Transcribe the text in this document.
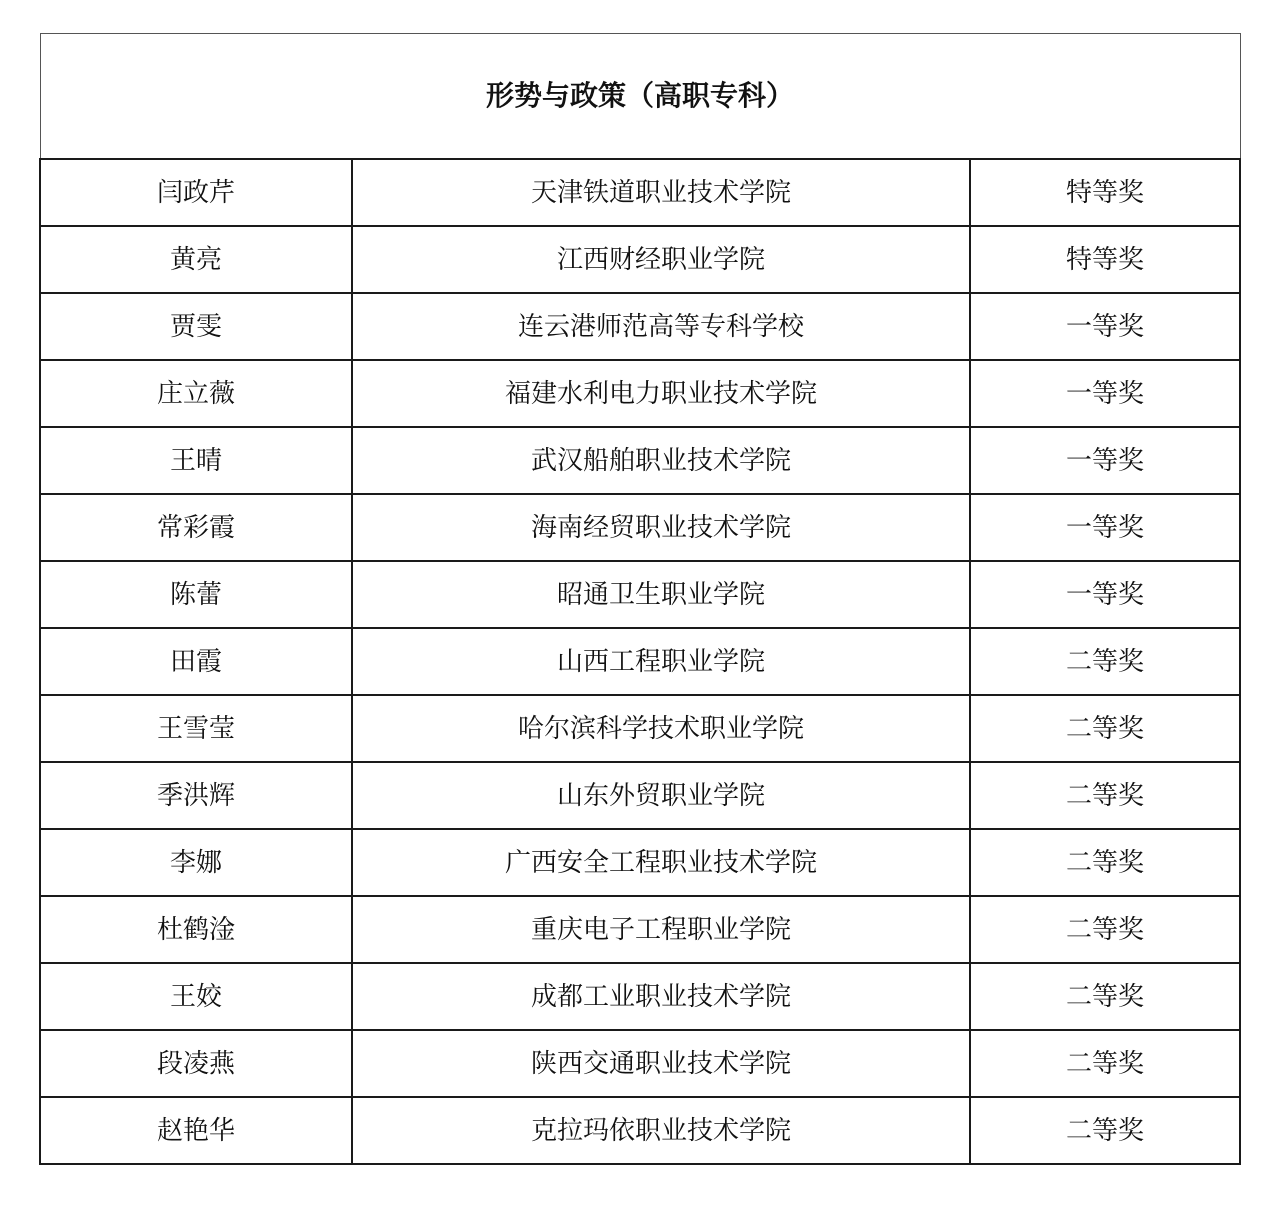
形势与政策（高职专科）		
闫政芹	天津铁道职业技术学院	特等奖
黄亮	江西财经职业学院	特等奖
贾雯	连云港师范高等专科学校	一等奖
庄立薇	福建水利电力职业技术学院	一等奖
王晴	武汉船舶职业技术学院	一等奖
常彩霞	海南经贸职业技术学院	一等奖
陈蕾	昭通卫生职业学院	一等奖
田霞	山西工程职业学院	二等奖
王雪莹	哈尔滨科学技术职业学院	二等奖
季洪辉	山东外贸职业学院	二等奖
李娜	广西安全工程职业技术学院	二等奖
杜鹤淦	重庆电子工程职业学院	二等奖
王姣	成都工业职业技术学院	二等奖
段凌燕	陕西交通职业技术学院	二等奖
赵艳华	克拉玛依职业技术学院	二等奖
